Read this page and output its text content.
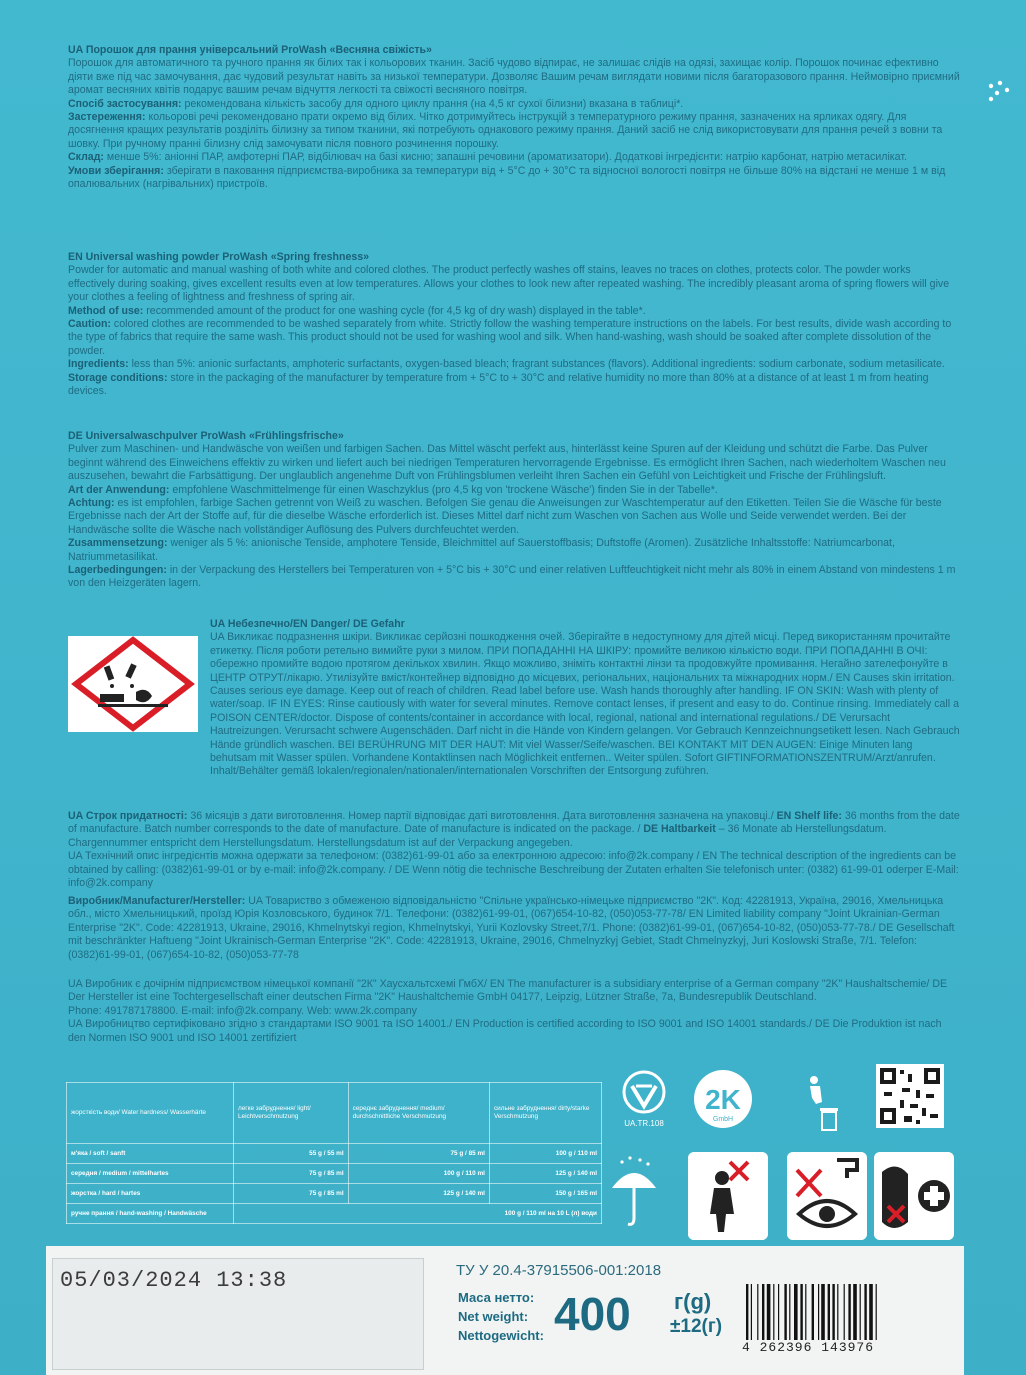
UA Порошок для прання універсальний ProWash «Весняна свіжість»

Порошок для автоматичного та ручного прання як білих так і кольорових тканин. Засіб чудово відпирає, не залишає слідів на одязі, захищає колір. Порошок починає ефективно діяти вже під час замочування, дає чудовий результат навіть за низької температури. Дозволяє Вашим речам виглядати новими після багаторазового прання. Неймовірно приємний аромат весняних квітів подарує вашим речам відчуття легкості та свіжості весняного повітря.

Спосіб застосування: рекомендована кількість засобу для одного циклу прання (на 4,5 кг сухої білизни) вказана в таблиці*.

Застереження: кольорові речі рекомендовано прати окремо від білих. Чітко дотримуйтесь інструкцій з температурного режиму прання, зазначених на ярликах одягу. Для досягнення кращих результатів розділіть білизну за типом тканини, які потребують однакового режиму прання. Даний засіб не слід використовувати для прання речей з вовни та шовку. При ручному пранні білизну слід замочувати після повного розчинення порошку.

Склад: менше 5%: аніонні ПАР, амфотерні ПАР, відбілювач на базі кисню; запашні речовини (ароматизатори). Додаткові інгредієнти: натрію карбонат, натрію метасилікат.

Умови зберігання: зберігати в паковання підприємства-виробника за температури від + 5°C до + 30°C та відносної вологості повітря не більше 80% на відстані не менше 1 м від опалювальних (нагрівальних) пристроїв.

EN Universal washing powder ProWash «Spring freshness»

Powder for automatic and manual washing of both white and colored clothes. The product perfectly washes off stains, leaves no traces on clothes, protects color. The powder works effectively during soaking, gives excellent results even at low temperatures. Allows your clothes to look new after repeated washing. The incredibly pleasant aroma of spring flowers will give your clothes a feeling of lightness and freshness of spring air.

Method of use: recommended amount of the product for one washing cycle (for 4,5 kg of dry wash) displayed in the table*.

Caution: colored clothes are recommended to be washed separately from white. Strictly follow the washing temperature instructions on the labels. For best results, divide wash according to the type of fabrics that require the same wash. This product should not be used for washing wool and silk. When hand-washing, wash should be soaked after complete dissolution of the powder.

Ingredients: less than 5%: anionic surfactants, amphoteric surfactants, oxygen-based bleach; fragrant substances (flavors). Additional ingredients: sodium carbonate, sodium metasilicate.

Storage conditions: store in the packaging of the manufacturer by temperature from + 5°C to + 30°C and relative humidity no more than 80% at a distance of at least 1 m from heating devices.

DE Universalwaschpulver ProWash «Frühlingsfrische»

Pulver zum Maschinen- und Handwäsche von weißen und farbigen Sachen. Das Mittel wäscht perfekt aus, hinterlässt keine Spuren auf der Kleidung und schützt die Farbe. Das Pulver beginnt während des Einweichens effektiv zu wirken und liefert auch bei niedrigen Temperaturen hervorragende Ergebnisse. Es ermöglicht Ihren Sachen, nach wiederholtem Waschen neu auszusehen, bewahrt die Farbsättigung. Der unglaublich angenehme Duft von Frühlingsblumen verleiht Ihren Sachen ein Gefühl von Leichtigkeit und Frische der Frühlingsluft.

Art der Anwendung: empfohlene Waschmittelmenge für einen Waschzyklus (pro 4,5 kg von 'trockene Wäsche') finden Sie in der Tabelle*.

Achtung: es ist empfohlen, farbige Sachen getrennt von Weiß zu waschen. Befolgen Sie genau die Anweisungen zur Waschtemperatur auf den Etiketten. Teilen Sie die Wäsche für beste Ergebnisse nach der Art der Stoffe auf, für die dieselbe Wäsche erforderlich ist. Dieses Mittel darf nicht zum Waschen von Sachen aus Wolle und Seide verwendet werden. Bei der Handwäsche sollte die Wäsche nach vollständiger Auflösung des Pulvers durchfeuchtet werden.

Zusammensetzung: weniger als 5 %: anionische Tenside, amphotere Tenside, Bleichmittel auf Sauerstoffbasis; Duftstoffe (Aromen). Zusätzliche Inhaltsstoffe: Natriumcarbonat, Natriummetasilikat.

Lagerbedingungen: in der Verpackung des Herstellers bei Temperaturen von + 5°C bis + 30°C und einer relativen Luftfeuchtigkeit nicht mehr als 80% in einem Abstand von mindestens 1 m von den Heizgeräten lagern.

UA Небезпечно/EN Danger/ DE Gefahr

UA Викликає подразнення шкіри. Викликає серйозні пошкодження очей. Зберігайте в недоступному для дітей місці. Перед використанням прочитайте етикетку. Після роботи ретельно вимийте руки з милом. ПРИ ПОПАДАННІ НА ШКІРУ: промийте великою кількістю води. ПРИ ПОПАДАННІ В ОЧІ: обережно промийте водою протягом декількох хвилин. Якщо можливо, зніміть контактні лінзи та продовжуйте промивання. Негайно зателефонуйте в ЦЕНТР ОТРУТ/лікарю. Утилізуйте вміст/контейнер відповідно до місцевих, регіональних, національних та міжнародних норм./ EN Causes skin irritation. Causes serious eye damage. Keep out of reach of children. Read label before use. Wash hands thoroughly after handling. IF ON SKIN: Wash with plenty of water/soap. IF IN EYES: Rinse cautiously with water for several minutes. Remove contact lenses, if present and easy to do. Continue rinsing. Immediately call a POISON CENTER/doctor. Dispose of contents/container in accordance with local, regional, national and international regulations./ DE Verursacht Hautreizungen. Verursacht schwere Augenschäden. Darf nicht in die Hände von Kindern gelangen. Vor Gebrauch Kennzeichnungsetikett lesen. Nach Gebrauch Hände gründlich waschen. BEI BERÜHRUNG MIT DER HAUT: Mit viel Wasser/Seife/waschen. BEI KONTAKT MIT DEN AUGEN: Einige Minuten lang behutsam mit Wasser spülen. Vorhandene Kontaktlinsen nach Möglichkeit entfernen.. Weiter spülen. Sofort GIFTINFORMATIONSZENTRUM/Arzt/anrufen. Inhalt/Behälter gemäß lokalen/regionalen/nationalen/internationalen Vorschriften der Entsorgung zuführen.

UA Строк придатності: 36 місяців з дати виготовлення. Номер партії відповідає даті виготовлення. Дата виготовлення зазначена на упаковці./ EN Shelf life: 36 months from the date of manufacture. Batch number corresponds to the date of manufacture. Date of manufacture is indicated on the package. / DE Haltbarkeit – 36 Monate ab Herstellungsdatum. Chargennummer entspricht dem Herstellungsdatum. Herstellungsdatum ist auf der Verpackung angegeben.

UA Технічний опис інгредієнтів можна одержати за телефоном: (0382)61-99-01 або за електронною адресою: info@2k.company / EN The technical description of the ingredients can be obtained by calling: (0382)61-99-01 or by e-mail: info@2k.company. / DE Wenn nötig die technische Beschreibung der Zutaten erhalten Sie telefonisch unter: (0382) 61-99-01 oderper E-Mail: info@2k.company

Виробник/Manufacturer/Hersteller: UA Товариство з обмеженою відповідальністю "Спільне українсько-німецьке підприємство "2К". Код: 42281913, Україна, 29016, Хмельницька обл., місто Хмельницький, проїзд Юрія Козловського, будинок 7/1. Телефони: (0382)61-99-01, (067)654-10-82, (050)053-77-78/ EN Limited liability company "Joint Ukrainian-German Enterprise "2K". Code: 42281913, Ukraine, 29016, Khmelnytskyi region, Khmelnytskyi, Yurii Kozlovsky Street,7/1. Phone: (0382)61-99-01, (067)654-10-82, (050)053-77-78./ DE Gesellschaft mit beschränkter Haftueng "Joint Ukrainisch-German Enterprise "2K". Code: 42281913, Ukraine, 29016, Chmelnyzkyj Gebiet, Stadt Chmelnyzkyj, Juri Koslowski Straße, 7/1. Telefon: (0382)61-99-01, (067)654-10-82, (050)053-77-78

UA Виробник є дочірнім підприємством німецької компанії "2К" Хаусхальтсхемі ГмбХ/ EN The manufacturer is a subsidiary enterprise of a German company "2K" Haushaltschemie/ DE Der Hersteller ist eine Tochtergesellschaft einer deutschen Firma "2K" Haushaltchemie GmbH 04177, Leipzig, Lützner Straße, 7a, Bundesrepublik Deutschland.

Phone: 491787178800. E-mail: info@2k.company. Web: www.2k.company

UA Виробництво сертифіковано згідно з стандартами ISO 9001 та ISO 14001./ EN Production is certified according to ISO 9001 and ISO 14001 standards./ DE Die Produktion ist nach den Normen ISO 9001 und ISO 14001 zertifiziert

жорсткість води/ Water hardness/ Wasserhärte	легке забруднення/ light/ Leichtverschmutzung	середнє забруднення/ medium/ durchschnittliche Verschmutzung	сильне забруднення/ dirty/starke Verschmutzung
м'яка / soft / sanft	55 g / 55 ml	75 g / 85 ml	100 g / 110 ml
середня / medium / mittelhartes	75 g / 85 ml	100 g / 110 ml	125 g / 140 ml
жорстка / hard / hartes	75 g / 85 ml	125 g / 140 ml	150 g / 165 ml
ручне прання / hand-washing / Handwäsche	100 g / 110 ml на 10 L (л) води		
UA.TR.108
2K
GmbH
05/03/2024 13:38	ТУ У 20.4-37915506-001:2018
Маса нетто:
Net weight:
Nettogewicht: 400 г(g)
±12(г)
4 262396 143976
